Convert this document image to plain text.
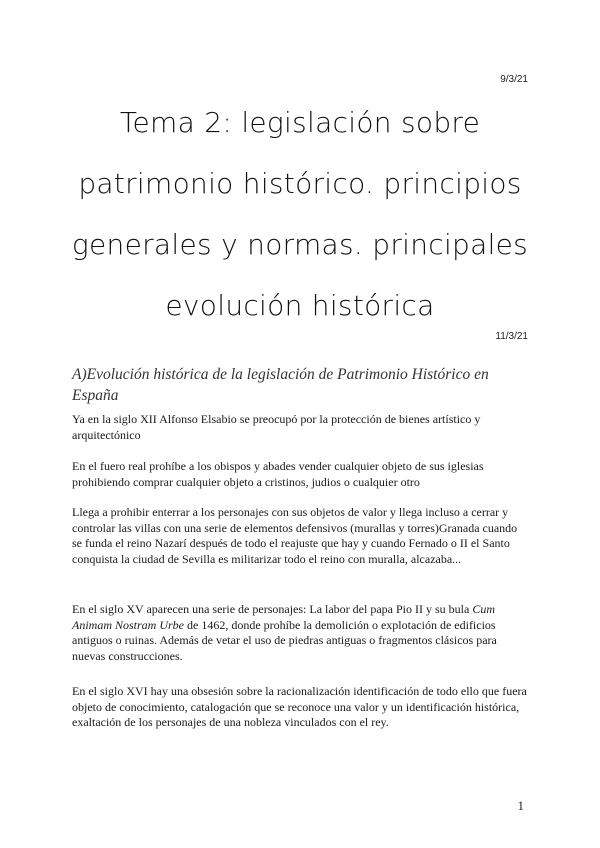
9/3/21
Tema 2: legislación sobre patrimonio histórico. principios generales y normas. principales evolución histórica
11/3/21
A)Evolución histórica de la legislación de Patrimonio Histórico en España

Ya en la siglo XII Alfonso Elsabio se preocupó por la protección de bienes artístico y arquitectónico

En el fuero real prohíbe a los obispos y abades vender cualquier objeto de sus iglesias prohibiendo comprar cualquier objeto a cristinos, judios o cualquier otro

Llega a prohibir enterrar a los personajes con sus objetos de valor y llega incluso a cerrar y controlar las villas con una serie de elementos defensivos (murallas y torres)Granada cuando se funda el reino Nazarí después de todo el reajuste que hay y cuando Fernado o II el Santo conquista la ciudad de Sevilla es militarizar todo el reino con muralla, alcazaba...

En el siglo XV aparecen una serie de personajes: La labor del papa Pio II y su bula Cum Animam Nostram Urbe de 1462, donde prohíbe la demolición o explotación de edificios antiguos o ruinas. Además de vetar el uso de piedras antiguas o fragmentos clásicos para nuevas construcciones.

En el siglo XVI hay una obsesión sobre la racionalización identificación de todo ello que fuera objeto de conocimiento, catalogación que se reconoce una valor y un identificación histórica, exaltación de los personajes de una nobleza vinculados con el rey.

1
